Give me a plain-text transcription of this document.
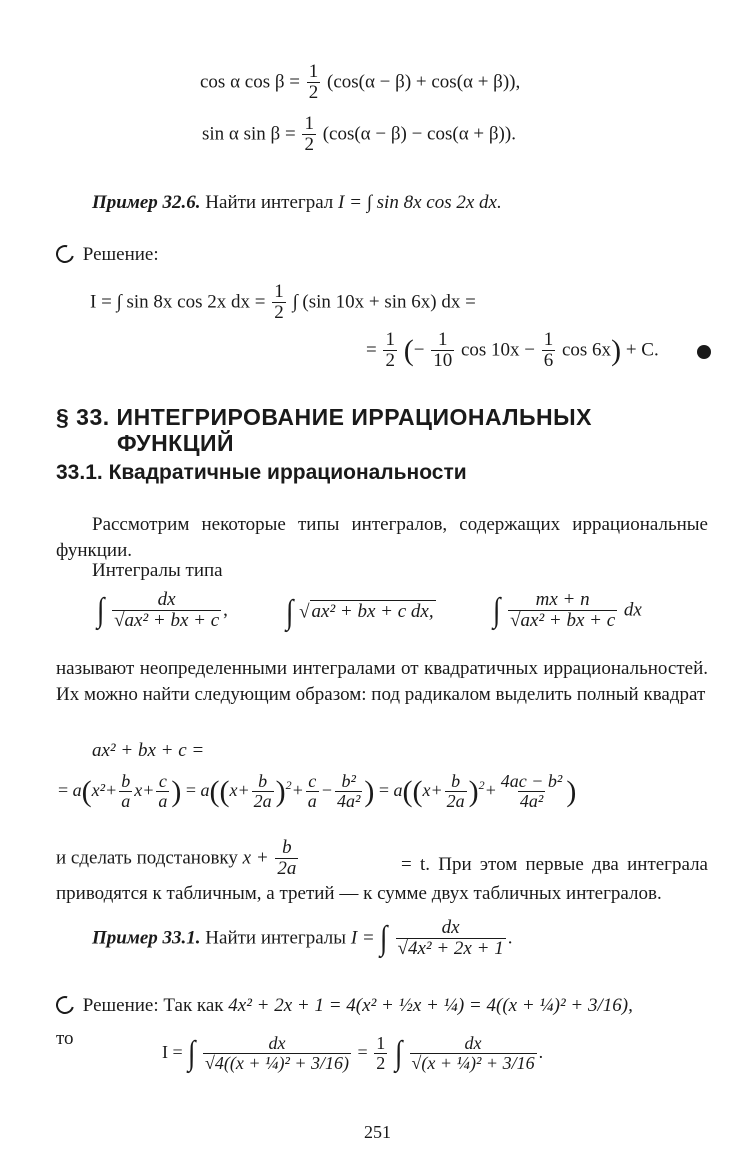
cos α $\cos \beta = \frac{1}{2} (\cos(\alpha - \beta) + \cos(\alpha + \beta))$,
sin α $\sin \beta = \frac{1}{2} (\cos(\alpha - \beta) - \cos(\alpha + \beta))$.
Пример 32.6. Найти интеграл I = ∫ sin 8x cos 2x dx.
Решение:
I = ∫ sin 8x cos 2x dx = $\frac{1}{2}$ ∫ (sin 10x + sin 6x) dx =
= $\frac{1}{2}$ (− $\frac{1}{10}$ $\cos 10x - \frac{1}{6}$ cos 6x) + C.
§ 33. ИНТЕГРИРОВАНИЕ ИРРАЦИОНАЛЬНЫХ
ФУНКЦИЙ
33.1. Квадратичные иррациональности
Рассмотрим некоторые типы интегралов, содержащих иррациональные функции.
Интегралы типа
∫ $\frac{dx}{\text{√ax² + bx + c}}$ , ∫ √ ax² + bx + c dx, ∫ $\frac{mx + n}{\text{√ax² + bx + c}}$ dx
называют неопределенными интегралами от квадратичных иррациональностей. Их можно найти следующим образом: под радикалом выделить полный квадрат
ax² + bx + c =
= $a(x^2+ \frac{b}{a} x+ \frac{c}{a}$ ) = $a((x+ \frac{b}{2a} )^2+ \frac{c}{a} - \frac{\text{b²}}{\text{4a²}}$ ) = $a((x+ \frac{b}{2a} )^2+ \frac{\text{4ac − b²}}{\text{4a²}}$ )
и сделать подстановку $x + \frac{b}{2a}$	= t. При этом первые два интеграла приводятся к табличным, а третий — к сумме двух табличных интегралов.
Пример 33.1. Найти интегралы I = ∫ $\frac{dx}{\text{√4x² + 2x + 1}}$ .
Решение: Так как 4x² + 2x + 1 = 4(x² + ½x + ¼) = 4((x + ¼)² + 3/16),
то
I = ∫ $\frac{dx}{\text{√4((x + ¼)² + 3/16)}} = \frac{1}{2}$ ∫ $\frac{dx}{\text{√(x + ¼)² + 3/16}}$ .
251
